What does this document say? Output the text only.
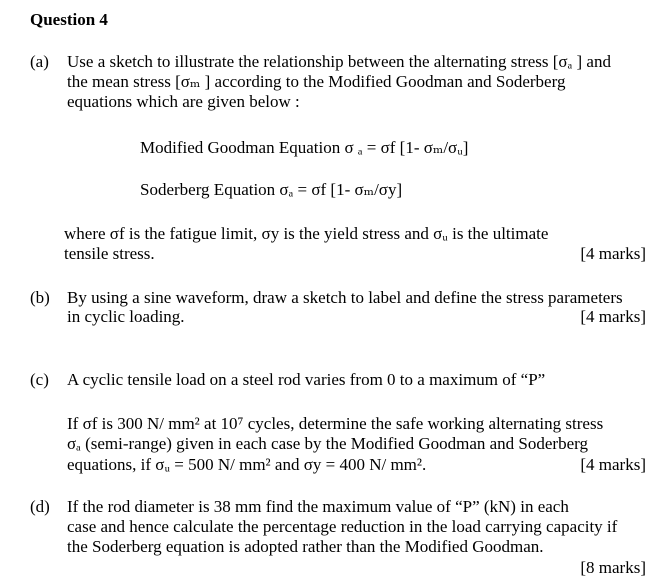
Question 4
(a)	Use a sketch to illustrate the relationship between the alternating stress [σₐ ] and
the mean stress [σₘ ] according to the Modified Goodman and Soderberg
equations which are given below :
Modified Goodman Equation σ ₐ = σf [1- σₘ/σᵤ]
Soderberg Equation σₐ = σf [1- σₘ/σy]
where σf is the fatigue limit, σy is the yield stress and σᵤ is the ultimate
tensile stress.	[4 marks]
(b)	By using a sine waveform, draw a sketch to label and define the stress parameters
in cyclic loading.	[4 marks]
(c)	A cyclic tensile load on a steel rod varies from 0 to a maximum of “P”
If σf is 300 N/ mm² at 10⁷ cycles, determine the safe working alternating stress
σₐ (semi-range) given in each case by the Modified Goodman and Soderberg
equations, if σᵤ = 500 N/ mm² and σy = 400 N/ mm².	[4 marks]
(d)	If the rod diameter is 38 mm find the maximum value of “P” (kN) in each
case and hence calculate the percentage reduction in the load carrying capacity if
the Soderberg equation is adopted rather than the Modified Goodman.
[8 marks]
